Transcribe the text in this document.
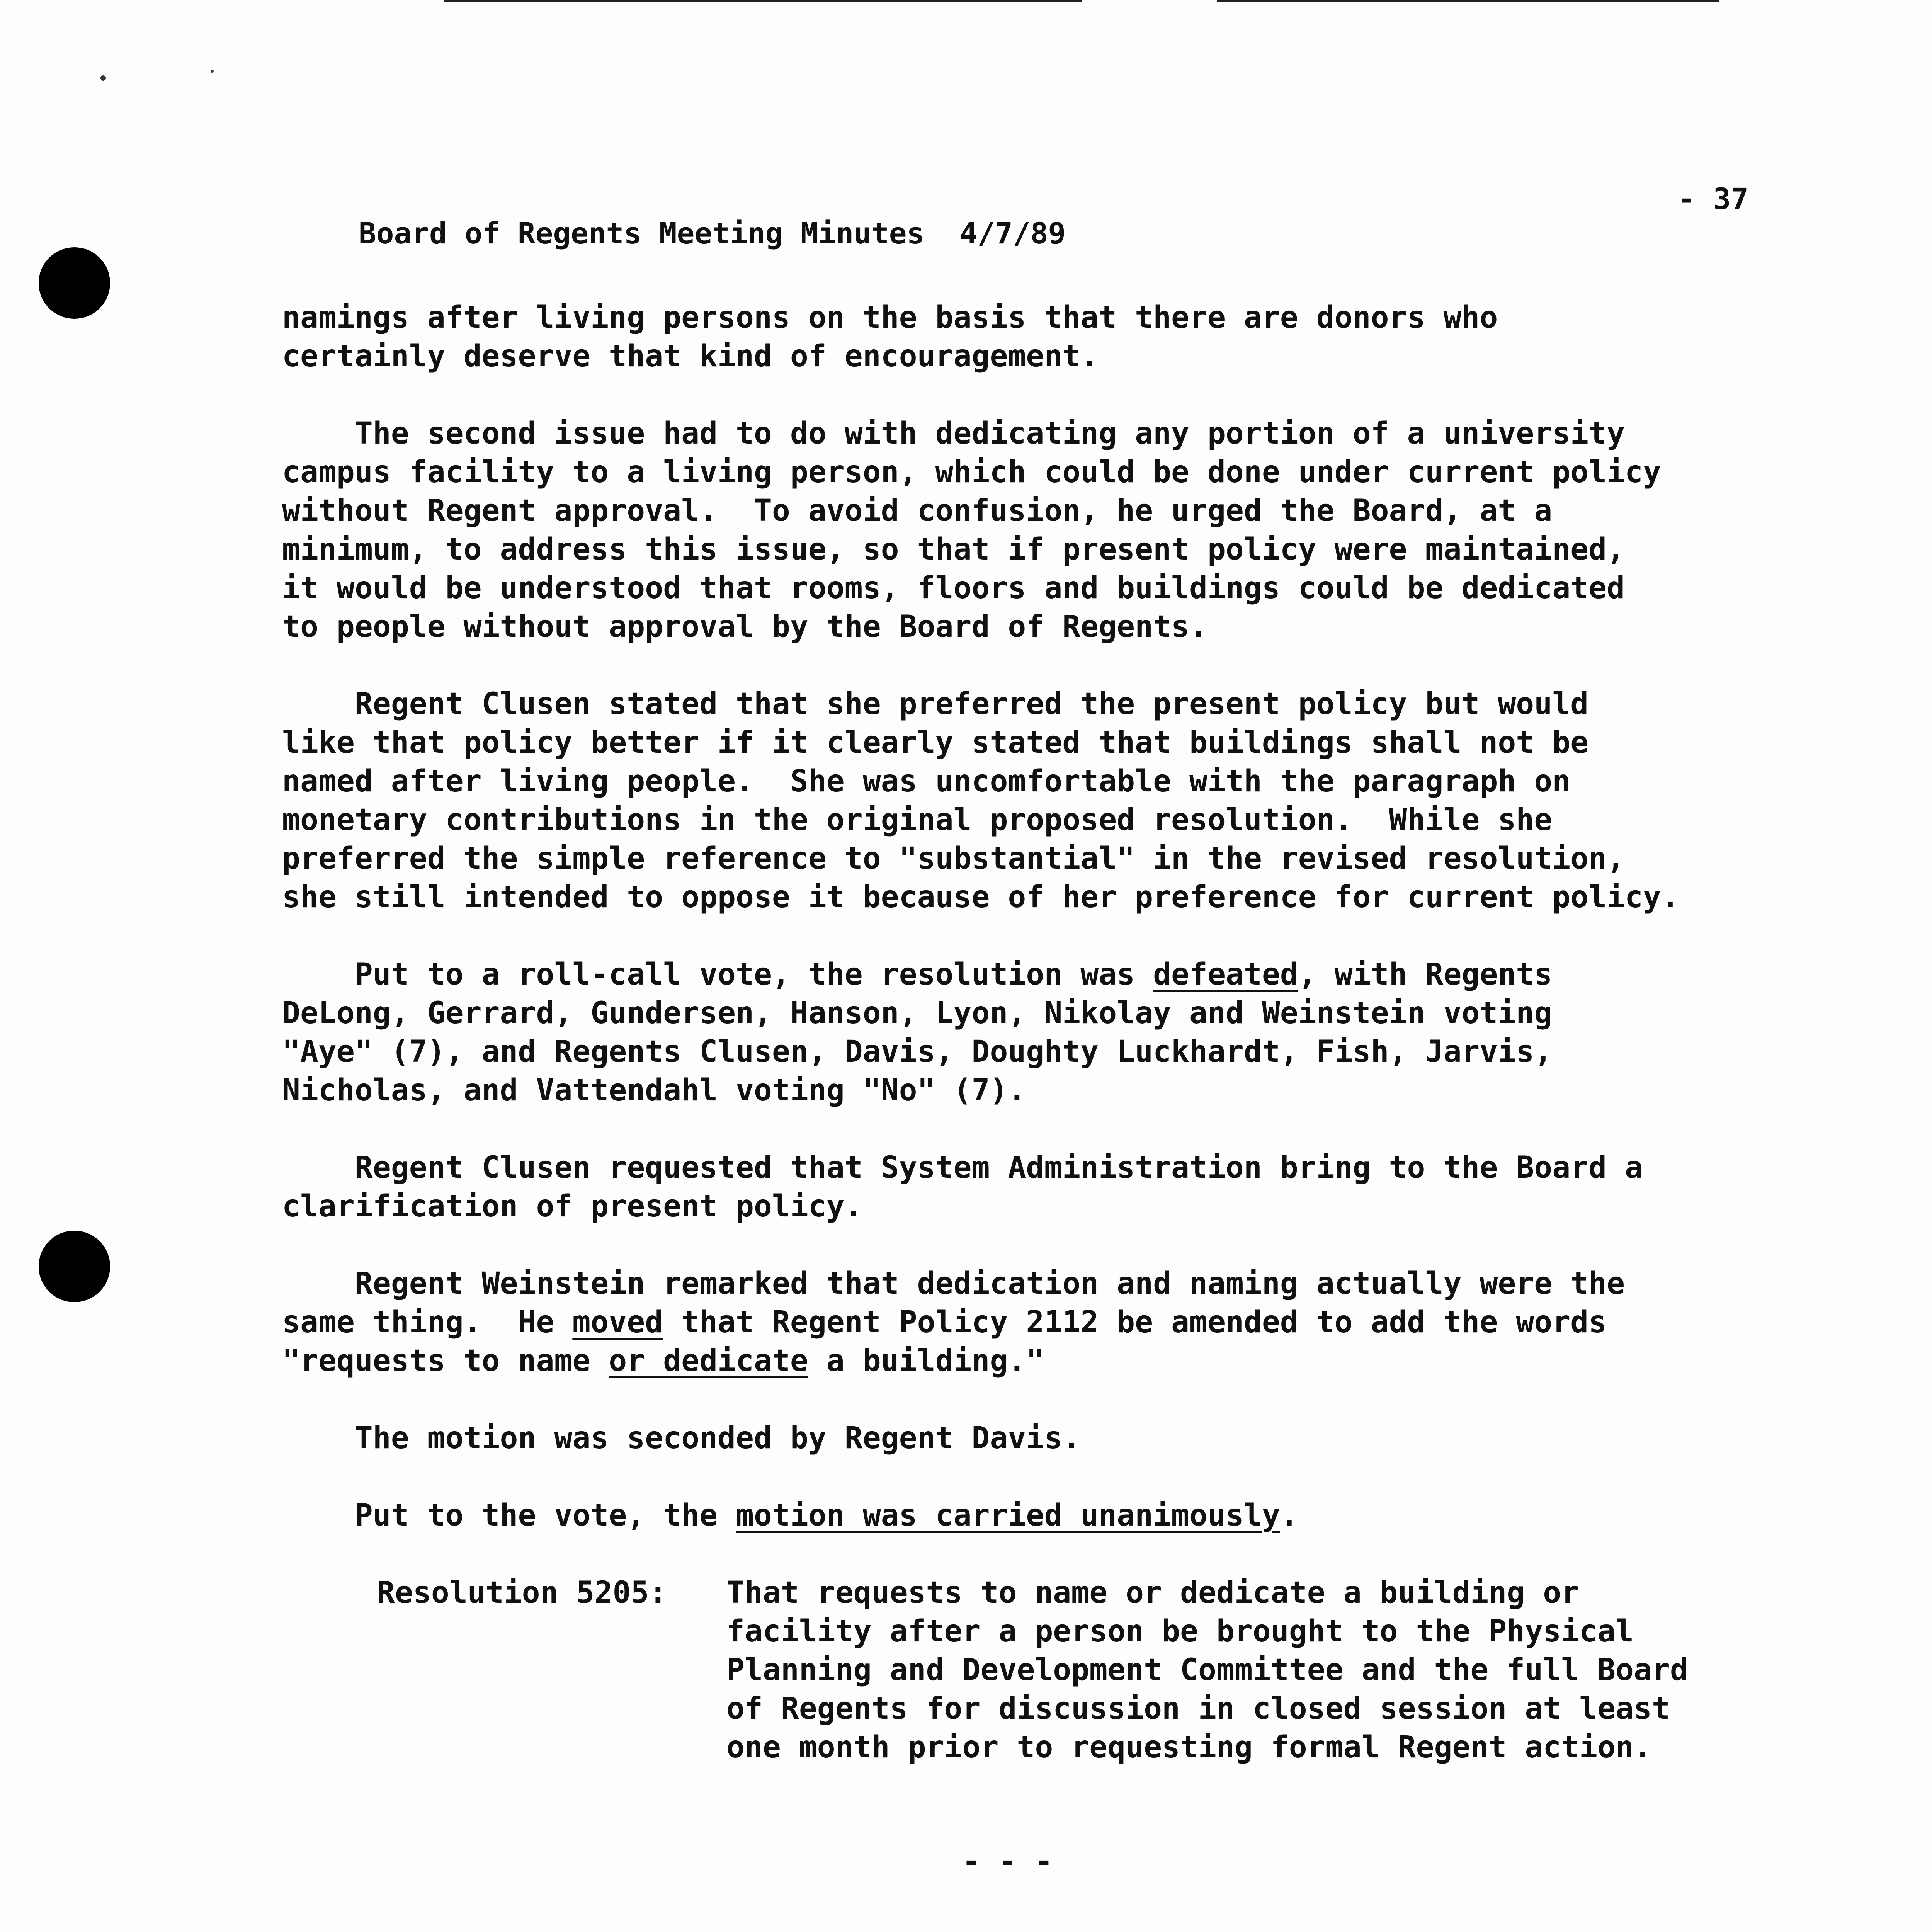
Board of Regents Meeting Minutes  4/7/89

- 37

namings after living persons on the basis that there are donors who
certainly deserve that kind of encouragement.

The second issue had to do with dedicating any portion of a university
campus facility to a living person, which could be done under current policy
without Regent approval.  To avoid confusion, he urged the Board, at a
minimum, to address this issue, so that if present policy were maintained,
it would be understood that rooms, floors and buildings could be dedicated
to people without approval by the Board of Regents.

Regent Clusen stated that she preferred the present policy but would
like that policy better if it clearly stated that buildings shall not be
named after living people.  She was uncomfortable with the paragraph on
monetary contributions in the original proposed resolution.  While she
preferred the simple reference to "substantial" in the revised resolution,
she still intended to oppose it because of her preference for current policy.

Put to a roll-call vote, the resolution was defeated, with Regents
DeLong, Gerrard, Gundersen, Hanson, Lyon, Nikolay and Weinstein voting
"Aye" (7), and Regents Clusen, Davis, Doughty Luckhardt, Fish, Jarvis,
Nicholas, and Vattendahl voting "No" (7).

Regent Clusen requested that System Administration bring to the Board a
clarification of present policy.

Regent Weinstein remarked that dedication and naming actually were the
same thing.  He moved that Regent Policy 2112 be amended to add the words
"requests to name or dedicate a building."

The motion was seconded by Regent Davis.

Put to the vote, the motion was carried unanimously.

Resolution 5205:

That requests to name or dedicate a building or
facility after a person be brought to the Physical
Planning and Development Committee and the full Board
of Regents for discussion in closed session at least
one month prior to requesting formal Regent action.

- - -
